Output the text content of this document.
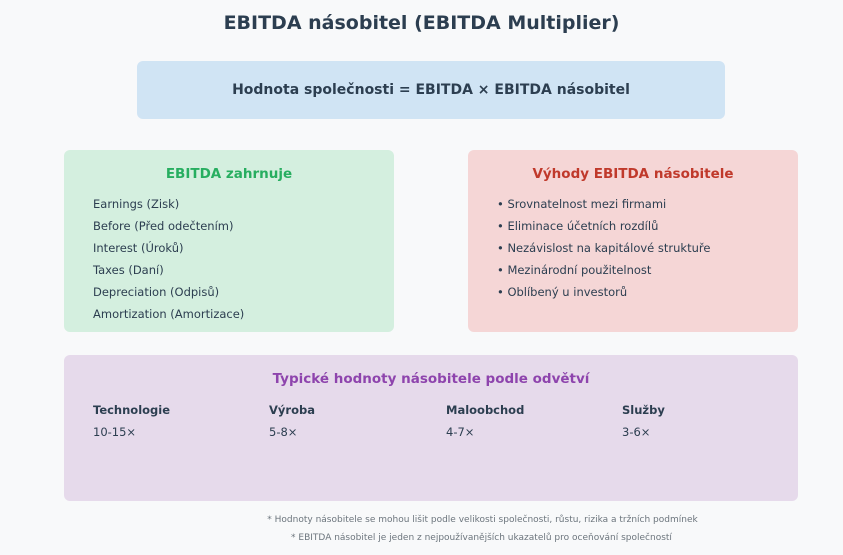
EBITDA násobitel (EBITDA Multiplier)
Hodnota společnosti = EBITDA × EBITDA násobitel
EBITDA zahrnuje
Earnings (Zisk)
Before (Před odečtením)
Interest (Úroků)
Taxes (Daní)
Depreciation (Odpisů)
Amortization (Amortizace)
Výhody EBITDA násobitele
• Srovnatelnost mezi firmami
• Eliminace účetních rozdílů
• Nezávislost na kapitálové struktuře
• Mezinárodní použitelnost
• Oblíbený u investorů
Typické hodnoty násobitele podle odvětví
Technologie
10-15×
Výroba
5-8×
Maloobchod
4-7×
Služby
3-6×
* Hodnoty násobitele se mohou lišit podle velikosti společnosti, růstu, rizika a tržních podmínek
* EBITDA násobitel je jeden z nejpoužívanějších ukazatelů pro oceňování společností
